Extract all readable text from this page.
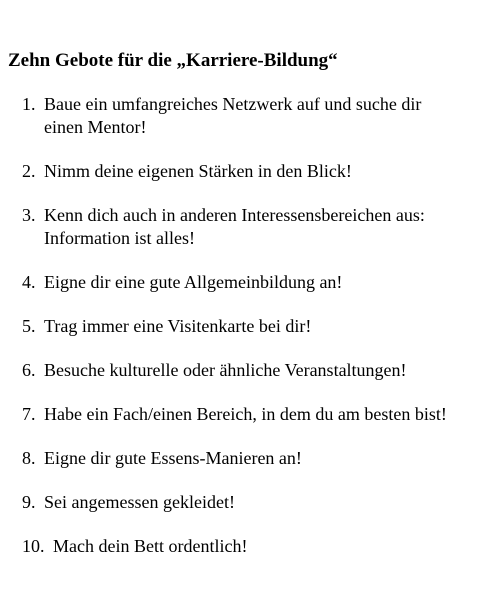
Zehn Gebote für die „Karriere-Bildung“
1. Baue ein umfangreiches Netzwerk auf und suche dir
einen Mentor!
2. Nimm deine eigenen Stärken in den Blick!
3. Kenn dich auch in anderen Interessensbereichen aus:
Information ist alles!
4. Eigne dir eine gute Allgemeinbildung an!
5. Trag immer eine Visitenkarte bei dir!
6. Besuche kulturelle oder ähnliche Veranstaltungen!
7. Habe ein Fach/einen Bereich, in dem du am besten bist!
8. Eigne dir gute Essens-Manieren an!
9. Sei angemessen gekleidet!
10. Mach dein Bett ordentlich!
